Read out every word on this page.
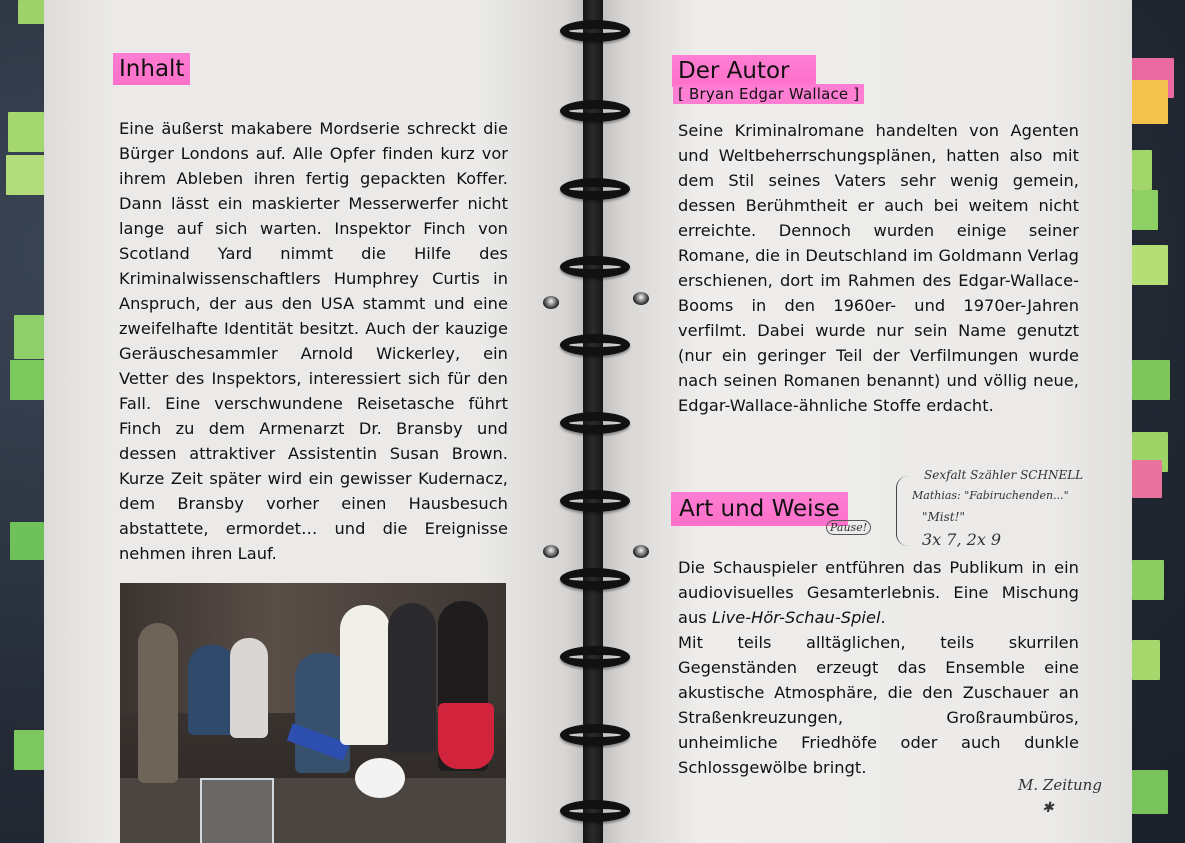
Inhalt
Eine äußerst makabere Mordserie schreckt die Bürger Londons auf. Alle Opfer finden kurz vor ihrem Ableben ihren fertig gepackten Koffer. Dann lässt ein maskierter Messerwerfer nicht lange auf sich warten. Inspektor Finch von Scotland Yard nimmt die Hilfe des Kriminalwissenschaftlers Humphrey Curtis in Anspruch, der aus den USA stammt und eine zweifelhafte Identität besitzt. Auch der kauzige Geräuschesammler Arnold Wickerley, ein Vetter des Inspektors, interessiert sich für den Fall. Eine verschwundene Reisetasche führt Finch zu dem Armenarzt Dr. Bransby und dessen attraktiver Assistentin Susan Brown. Kurze Zeit später wird ein gewisser Kudernacz, dem Bransby vorher einen Hausbesuch abstattete, ermordet… und die Ereignisse nehmen ihren Lauf.
Der Autor
[ Bryan Edgar Wallace ]
Seine Kriminalromane handelten von Agenten und Weltbeherrschungsplänen, hatten also mit dem Stil seines Vaters sehr wenig gemein, dessen Berühmtheit er auch bei weitem nicht erreichte. Dennoch wurden einige seiner Romane, die in Deutschland im Goldmann Verlag erschienen, dort im Rahmen des Edgar-Wallace-Booms in den 1960er- und 1970er-Jahren verfilmt. Dabei wurde nur sein Name genutzt (nur ein geringer Teil der Verfilmungen wurde nach seinen Romanen benannt) und völlig neue, Edgar-Wallace-ähnliche Stoffe erdacht.
Art und Weise
Sexfalt Szähler SCHNELL
Mathias: "Fabiruchenden..."
"Mist!"
3x 7, 2x 9
Pause!
Die Schauspieler entführen das Publikum in ein audiovisuelles Gesamterlebnis. Eine Mischung aus Live-Hör-Schau-Spiel.
Mit teils alltäglichen, teils skurrilen Gegenständen erzeugt das Ensemble eine akustische Atmosphäre, die den Zuschauer an Straßenkreuzungen, Großraumbüros, unheimliche Friedhöfe oder auch dunkle Schlossgewölbe bringt.
M. Zeitung
✱
